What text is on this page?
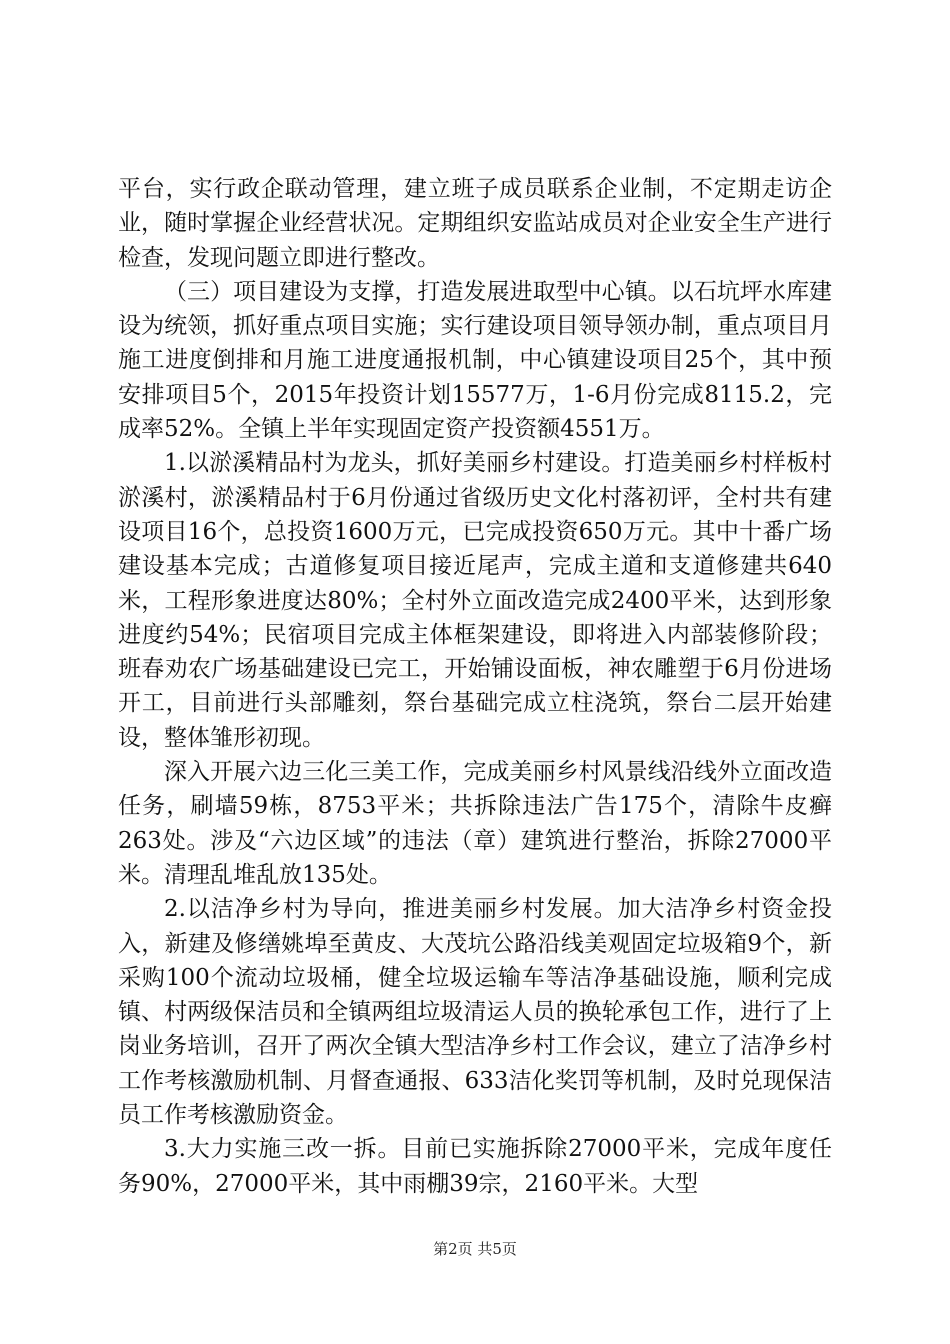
平台，实行政企联动管理，建立班子成员联系企业制，不定期走访企业，随时掌握企业经营状况。定期组织安监站成员对企业安全生产进行检查，发现问题立即进行整改。

（三）项目建设为支撑，打造发展进取型中心镇。以石坑坪水库建设为统领，抓好重点项目实施；实行建设项目领导领办制，重点项目月施工进度倒排和月施工进度通报机制，中心镇建设项目25个，其中预安排项目5个，2015年投资计划15577万，1-6月份完成8115.2，完成率52%。全镇上半年实现固定资产投资额4551万。

1.以淤溪精品村为龙头，抓好美丽乡村建设。打造美丽乡村样板村淤溪村，淤溪精品村于6月份通过省级历史文化村落初评，全村共有建设项目16个，总投资1600万元，已完成投资650万元。其中十番广场建设基本完成；古道修复项目接近尾声，完成主道和支道修建共640米，工程形象进度达80%；全村外立面改造完成2400平米，达到形象进度约54%；民宿项目完成主体框架建设，即将进入内部装修阶段；班春劝农广场基础建设已完工，开始铺设面板，神农雕塑于6月份进场开工，目前进行头部雕刻，祭台基础完成立柱浇筑，祭台二层开始建设，整体雏形初现。

深入开展六边三化三美工作，完成美丽乡村风景线沿线外立面改造任务，刷墙59栋，8753平米；共拆除违法广告175个，清除牛皮癣263处。涉及“六边区域”的违法（章）建筑进行整治，拆除27000平米。清理乱堆乱放135处。

2.以洁净乡村为导向，推进美丽乡村发展。加大洁净乡村资金投入，新建及修缮姚埠至黄皮、大茂坑公路沿线美观固定垃圾箱9个，新采购100个流动垃圾桶，健全垃圾运输车等洁净基础设施，顺利完成镇、村两级保洁员和全镇两组垃圾清运人员的换轮承包工作，进行了上岗业务培训，召开了两次全镇大型洁净乡村工作会议，建立了洁净乡村工作考核激励机制、月督查通报、633洁化奖罚等机制，及时兑现保洁员工作考核激励资金。

3.大力实施三改一拆。目前已实施拆除27000平米，完成年度任务90%，27000平米，其中雨棚39宗，2160平米。大型

第2页 共5页
